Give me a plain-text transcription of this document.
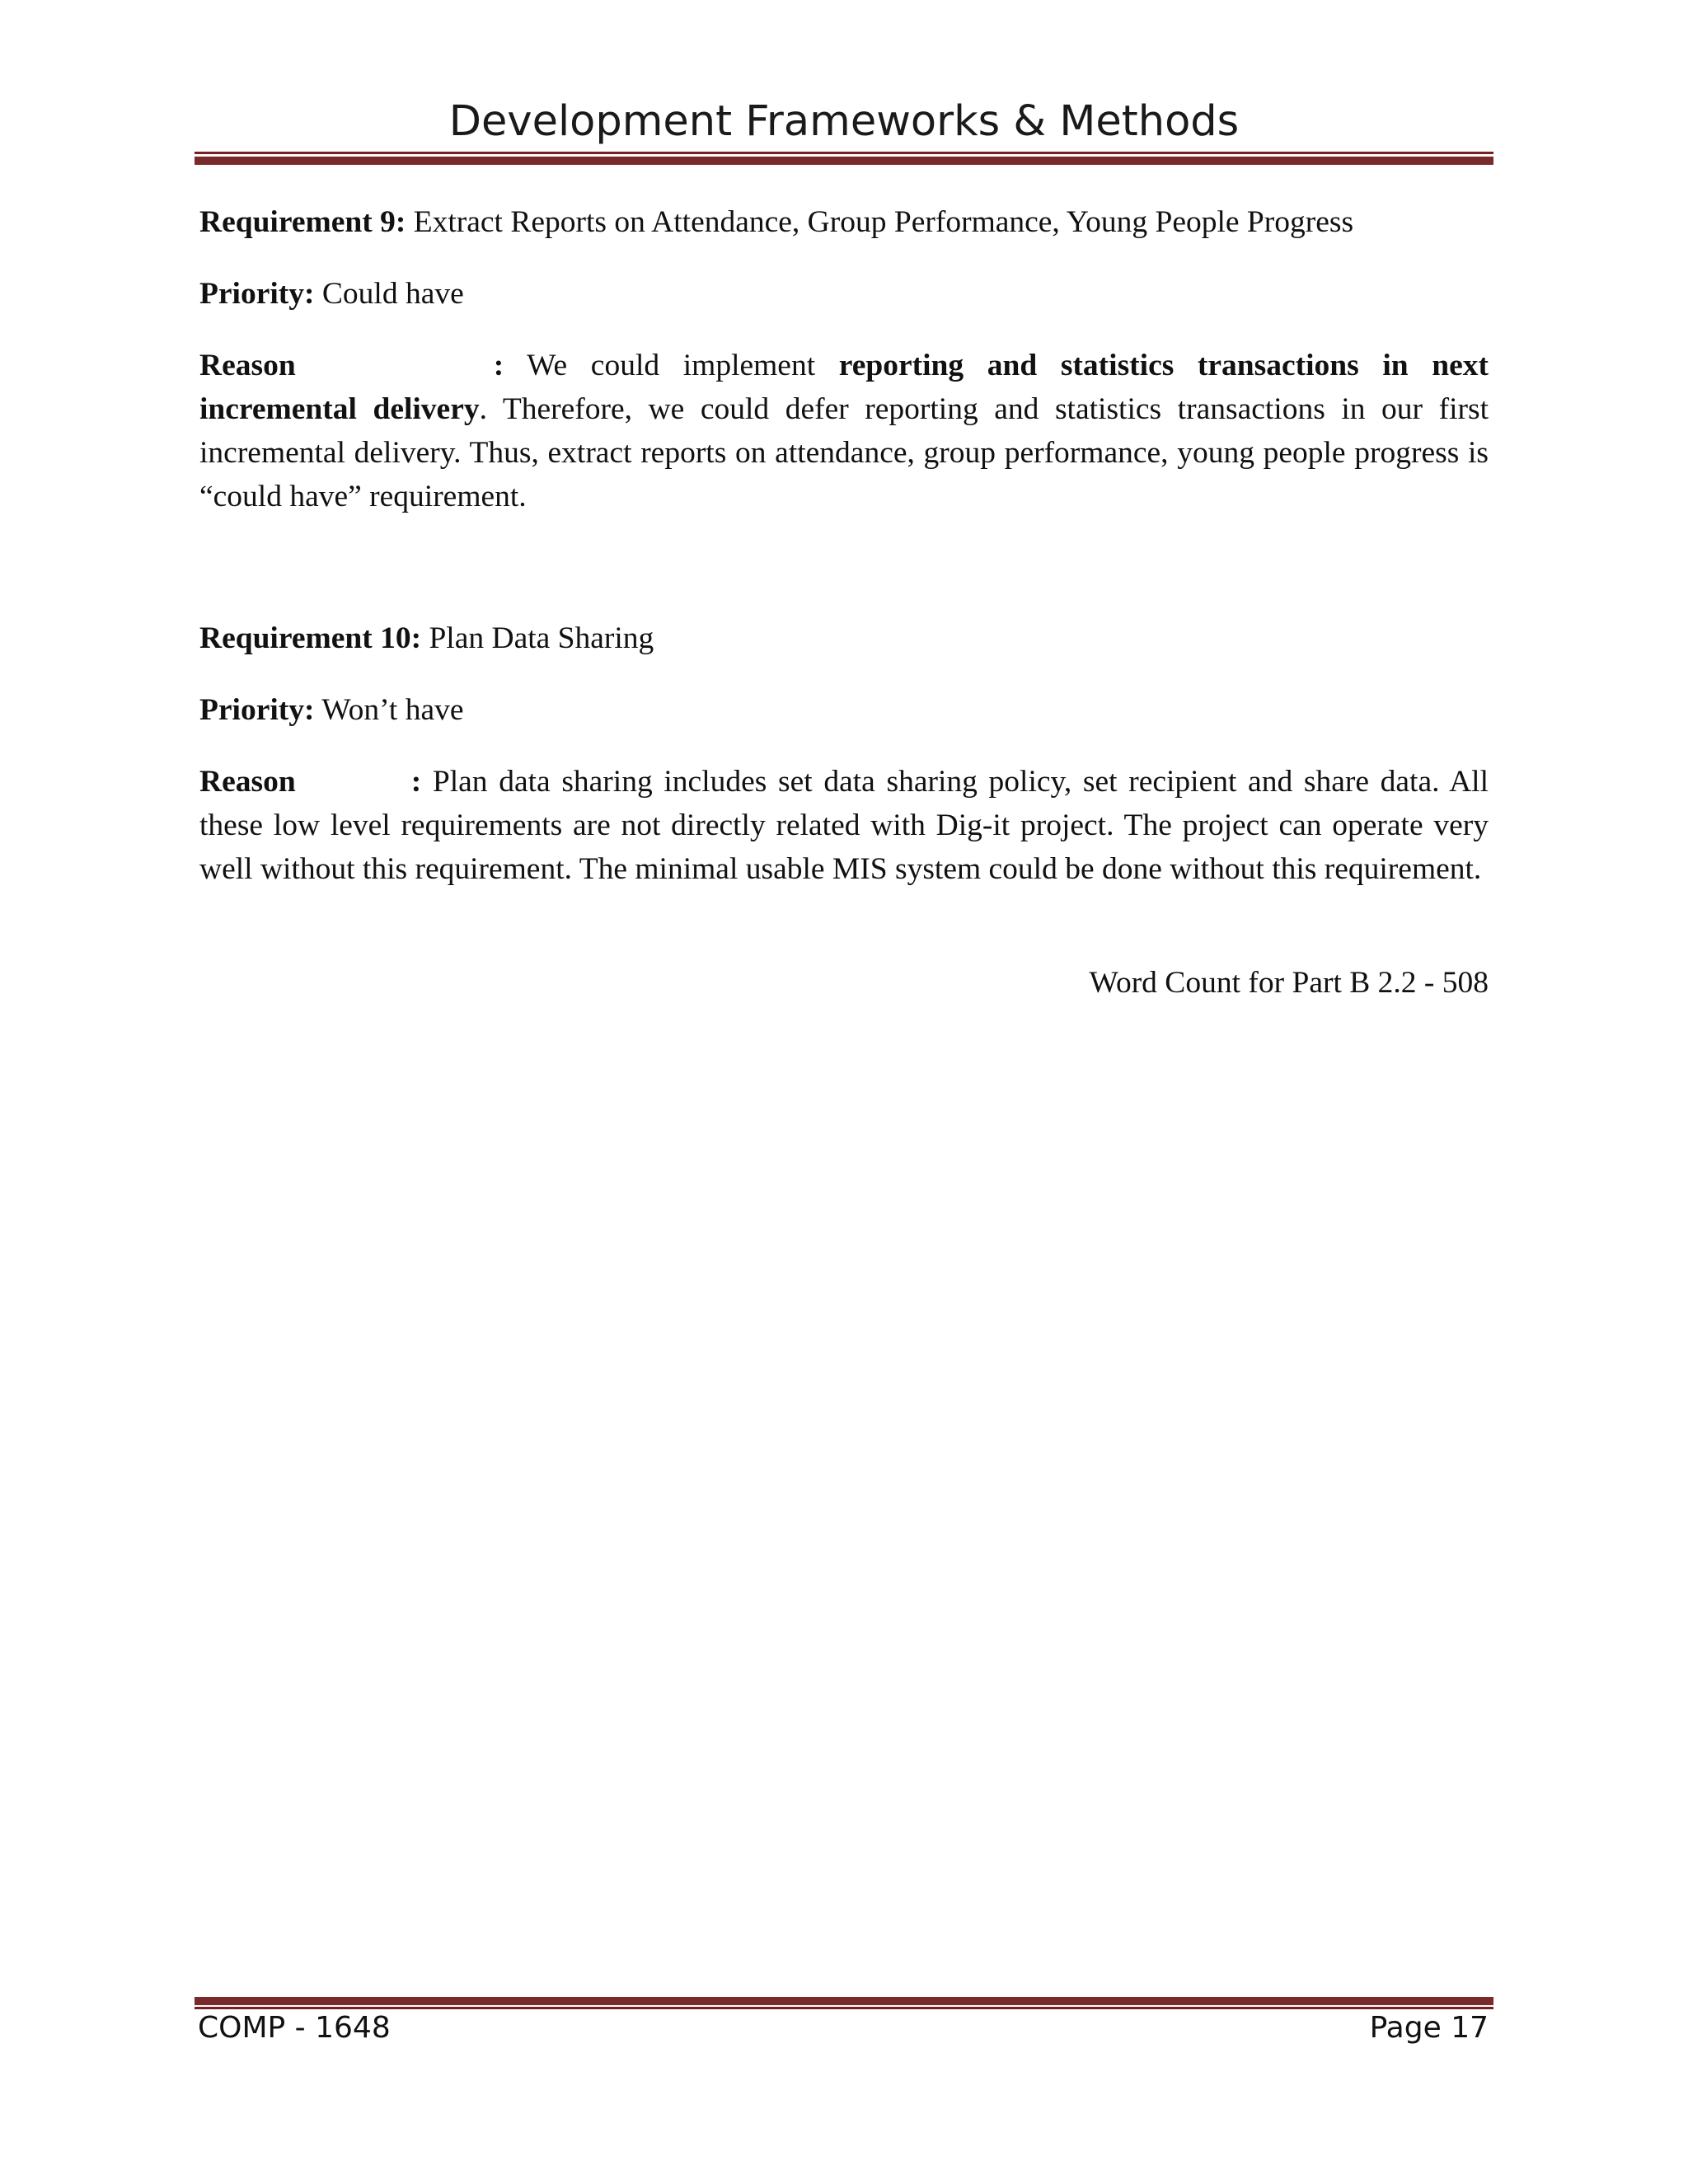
Development Frameworks & Methods

Requirement 9: Extract Reports on Attendance, Group Performance, Young People Progress

Priority: Could have

Reason	: We could implement reporting and statistics transactions in next incremental delivery. Therefore, we could defer reporting and statistics transactions in our first incremental delivery. Thus, extract reports on attendance, group performance, young people progress is “could have” requirement.

Requirement 10: Plan Data Sharing

Priority: Won’t have

Reason	: Plan data sharing includes set data sharing policy, set recipient and share data. All these low level requirements are not directly related with Dig-it project. The project can operate very well without this requirement. The minimal usable MIS system could be done without this requirement.

Word Count for Part B 2.2 - 508

COMP - 1648	Page 17
